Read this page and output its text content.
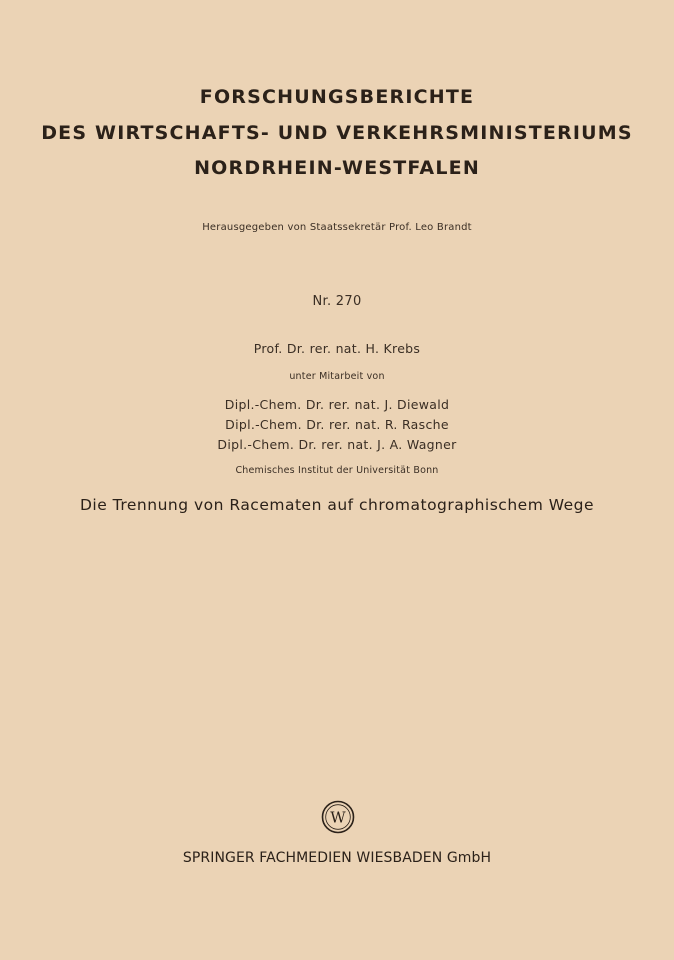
FORSCHUNGSBERICHTE
DES WIRTSCHAFTS- UND VERKEHRSMINISTERIUMS
NORDRHEIN-WESTFALEN
Herausgegeben von Staatssekretär Prof. Leo Brandt
Nr. 270
Prof. Dr. rer. nat. H. Krebs
unter Mitarbeit von
Dipl.-Chem. Dr. rer. nat. J. Diewald
Dipl.-Chem. Dr. rer. nat. R. Rasche
Dipl.-Chem. Dr. rer. nat. J. A. Wagner
Chemisches Institut der Universität Bonn
Die Trennung von Racematen auf chromatographischem Wege
W
SPRINGER FACHMEDIEN WIESBADEN GmbH
